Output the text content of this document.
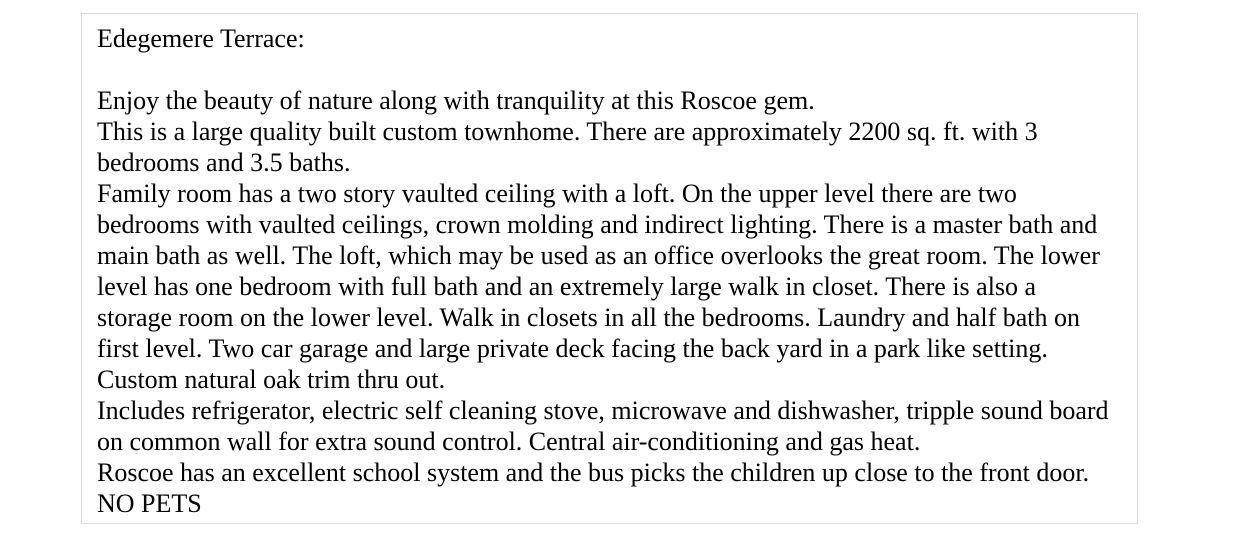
Edegemere Terrace:
Enjoy the beauty of nature along with tranquility at this Roscoe gem.
This is a large quality built custom townhome. There are approximately 2200 sq. ft. with 3
bedrooms and 3.5 baths.
Family room has a two story vaulted ceiling with a loft. On the upper level there are two
bedrooms with vaulted ceilings, crown molding and indirect lighting. There is a master bath and
main bath as well. The loft, which may be used as an office overlooks the great room. The lower
level has one bedroom with full bath and an extremely large walk in closet. There is also a
storage room on the lower level. Walk in closets in all the bedrooms. Laundry and half bath on
first level. Two car garage and large private deck facing the back yard in a park like setting.
Custom natural oak trim thru out.
Includes refrigerator, electric self cleaning stove, microwave and dishwasher, tripple sound board
on common wall for extra sound control. Central air-conditioning and gas heat.
Roscoe has an excellent school system and the bus picks the children up close to the front door.
NO PETS
